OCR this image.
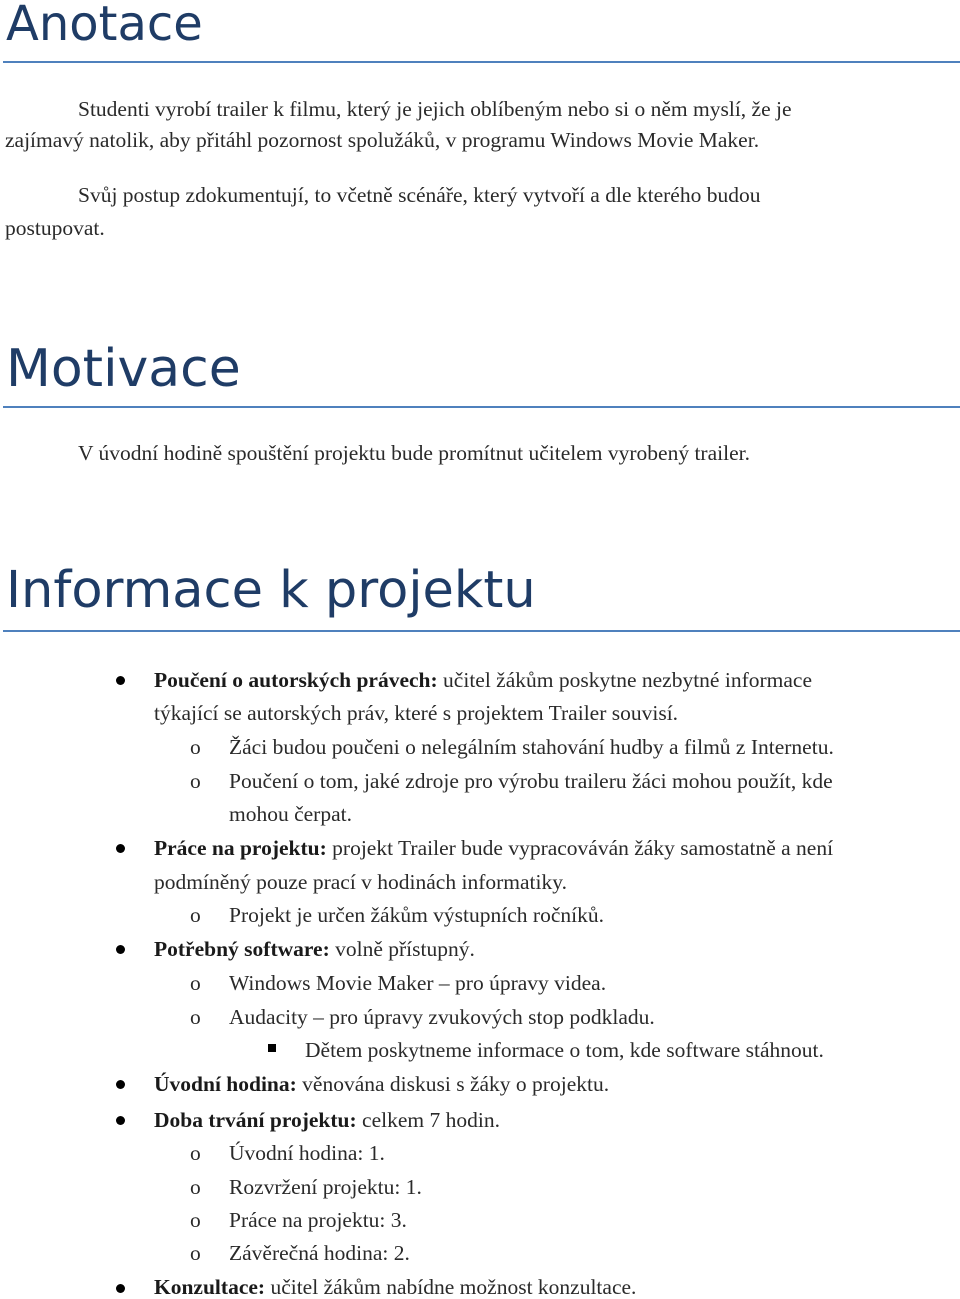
Anotace

Studenti vyrobí trailer k filmu, který je jejich oblíbeným nebo si o něm myslí, že je

zajímavý natolik, aby přitáhl pozornost spolužáků, v programu Windows Movie Maker.

Svůj postup zdokumentují, to včetně scénáře, který vytvoří a dle kterého budou

postupovat.

Motivace

V úvodní hodině spouštění projektu bude promítnut učitelem vyrobený trailer.

Informace k projektu

Poučení o autorských právech: učitel žákům poskytne nezbytné informace

týkající se autorských práv, které s projektem Trailer souvisí.

o Žáci budou poučeni o nelegálním stahování hudby a filmů z Internetu.

o Poučení o tom, jaké zdroje pro výrobu traileru žáci mohou použít, kde

mohou čerpat.

Práce na projektu: projekt Trailer bude vypracováván žáky samostatně a není

podmíněný pouze prací v hodinách informatiky.

o Projekt je určen žákům výstupních ročníků.

Potřebný software: volně přístupný.

o Windows Movie Maker – pro úpravy videa.

o Audacity – pro úpravy zvukových stop podkladu.

Dětem poskytneme informace o tom, kde software stáhnout.

Úvodní hodina: věnována diskusi s žáky o projektu.

Doba trvání projektu: celkem 7 hodin.

o Úvodní hodina: 1.

o Rozvržení projektu: 1.

o Práce na projektu: 3.

o Závěrečná hodina: 2.

Konzultace: učitel žákům nabídne možnost konzultace.
